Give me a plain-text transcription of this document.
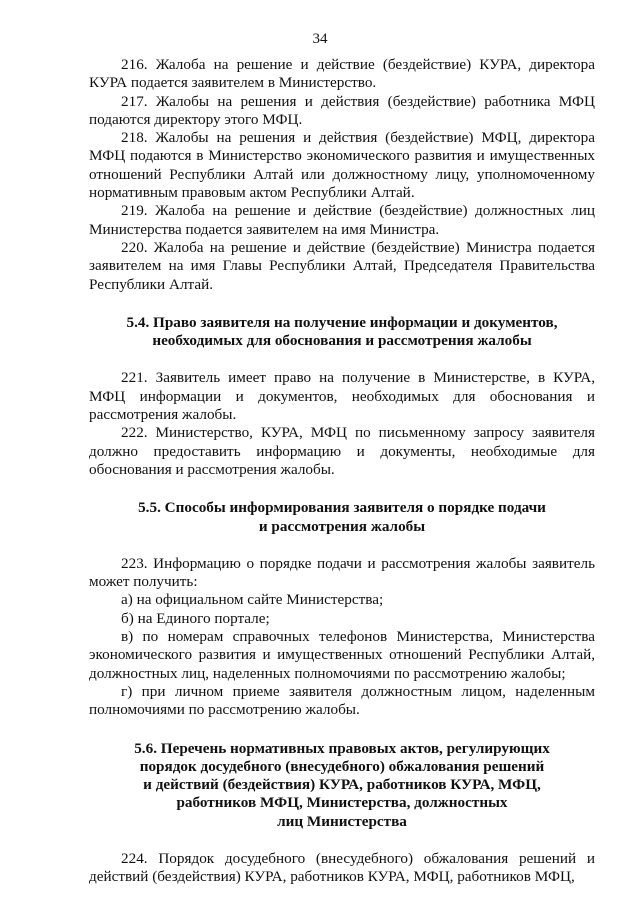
34

216. Жалоба на решение и действие (бездействие) КУРА, директора КУРА подается заявителем в Министерство.

217. Жалобы на решения и действия (бездействие) работника МФЦ подаются директору этого МФЦ.

218. Жалобы на решения и действия (бездействие) МФЦ, директора МФЦ подаются в Министерство экономического развития и имущественных отношений Республики Алтай или должностному лицу, уполномоченному нормативным правовым актом Республики Алтай.

219. Жалоба на решение и действие (бездействие) должностных лиц Министерства подается заявителем на имя Министра.

220. Жалоба на решение и действие (бездействие) Министра подается заявителем на имя Главы Республики Алтай, Председателя Правительства Республики Алтай.

5.4. Право заявителя на получение информации и документов,
необходимых для обоснования и рассмотрения жалобы

221. Заявитель имеет право на получение в Министерстве, в КУРА, МФЦ информации и документов, необходимых для обоснования и рассмотрения жалобы.

222. Министерство, КУРА, МФЦ по письменному запросу заявителя должно предоставить информацию и документы, необходимые для обоснования и рассмотрения жалобы.

5.5. Способы информирования заявителя о порядке подачи
и рассмотрения жалобы

223. Информацию о порядке подачи и рассмотрения жалобы заявитель может получить:

а) на официальном сайте Министерства;

б) на Единого портале;

в) по номерам справочных телефонов Министерства, Министерства экономического развития и имущественных отношений Республики Алтай, должностных лиц, наделенных полномочиями по рассмотрению жалобы;

г) при личном приеме заявителя должностным лицом, наделенным полномочиями по рассмотрению жалобы.

5.6. Перечень нормативных правовых актов, регулирующих
порядок досудебного (внесудебного) обжалования решений
и действий (бездействия) КУРА, работников КУРА, МФЦ,
работников МФЦ, Министерства, должностных
лиц Министерства

224. Порядок досудебного (внесудебного) обжалования решений и действий (бездействия) КУРА, работников КУРА, МФЦ, работников МФЦ,
